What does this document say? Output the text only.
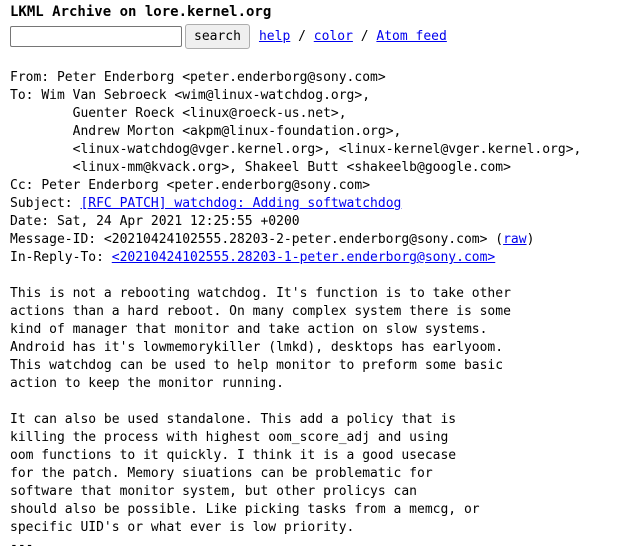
LKML Archive on lore.kernel.org
search	help / color / Atom feed
From: Peter Enderborg <peter.enderborg@sony.com>
To: Wim Van Sebroeck <wim@linux-watchdog.org>,
Guenter Roeck <linux@roeck-us.net>,
Andrew Morton <akpm@linux-foundation.org>,
<linux-watchdog@vger.kernel.org>, <linux-kernel@vger.kernel.org>,
<linux-mm@kvack.org>, Shakeel Butt <shakeelb@google.com>
Cc: Peter Enderborg <peter.enderborg@sony.com>
Subject: [RFC PATCH] watchdog: Adding softwatchdog
Date: Sat, 24 Apr 2021 12:25:55 +0200
Message-ID: <20210424102555.28203-2-peter.enderborg@sony.com> (raw)
In-Reply-To: <20210424102555.28203-1-peter.enderborg@sony.com>
This is not a rebooting watchdog. It's function is to take other
actions than a hard reboot. On many complex system there is some
kind of manager that monitor and take action on slow systems.
Android has it's lowmemorykiller (lmkd), desktops has earlyoom.
This watchdog can be used to help monitor to preform some basic
action to keep the monitor running.

It can also be used standalone. This add a policy that is
killing the process with highest oom_score_adj and using
oom functions to it quickly. I think it is a good usecase
for the patch. Memory siuations can be problematic for
software that monitor system, but other prolicys can
should also be possible. Like picking tasks from a memcg, or
specific UID's or what ever is low priority.
---
